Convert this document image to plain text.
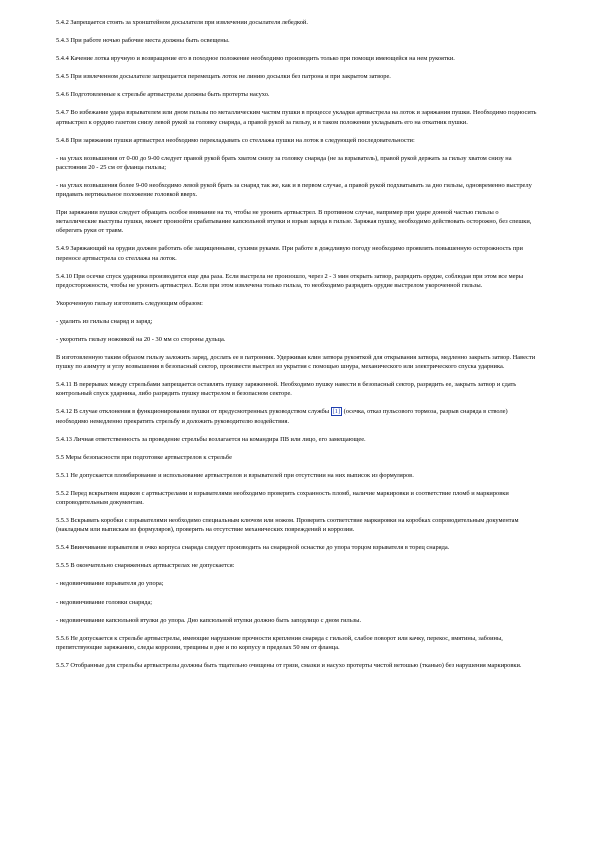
5.4.2 Запрещается стоять за хронштейном досылателя при извлечении досылателя лебедкой.

5.4.3 При работе ночью рабочие места должны быть освещены.

5.4.4 Качение лотка вручную и возвращение его в походное положение необходимо производить только при помощи имеющейся на нем рукоятки.

5.4.5 При извлеченном досылателе запрещается перемещать лоток не линию досылки без патрона и при закрытом затворе.

5.4.6 Подготовленные к стрельбе артвыстрелы должны быть протерты насухо.

5.4.7 Во избежание удара взрывателем или дном гильзы по металлическим частям пушки в процессе укладки артвыстрела на лоток и заряжания пушки. Необходимо подносить артвыстрел к орудию газетом снизу левой рукой за головку снаряда, а правой рукой за гильзу, и в таком положении укладывать его на откатник пушки.

5.4.8 При заряжании пушки артвыстрел необходимо перекладывать со стеллажа пушки на лоток в следующей последовательности:

- на углах возвышения от 0-00 до 9-00 следует правой рукой брать хватом снизу за головку снаряда (не за взрыватель), правой рукой держать за гильзу хватом снизу на расстоянии 20 - 25 см от фланца гильзы;

- на углах возвышения более 9-00 необходимо левой рукой брать за снаряд так же, как и в первом случае, а правой рукой подхватывать за дно гильзы, одновременно выстрелу придавать вертикальное положение головкой вверх.

При заряжании пушки следует обращать особое внимание на то, чтобы не уронить артвыстрел. В противном случае, например при ударе донной частью гильзы о металлические выступы пушки, может произойти срабатывание капсюльной втулки и взрыв заряда в гильзе. Заряжая пушку, необходимо действовать осторожно, без спешки, оберегать руки от травм.

5.4.9 Заряжающий на орудии должен работать обе защищенными, сухими руками. При работе в дождливую погоду необходимо проявлять повышенную осторожность при переносе артвыстрела со стеллажа на лоток.

5.4.10 При осечке спуск ударника производится еще два раза. Если выстрела не произошло, через 2 - 3 мин открыть затвор, разрядить орудие, соблюдая при этом все меры предосторожности, чтобы не уронить артвыстрел. Если при этом извлечена только гильза, то необходимо разрядить орудие выстрелом укороченной гильзы.

Укороченную гильзу изготовить следующим образом:

- удалить из гильзы снаряд и заряд;

- укоротить гильзу ножовкой на 20 - 30 мм со стороны дульца.

В изготовленную таким образом гильзу заложить заряд, дослать ее в патронник. Удерживая клин затвора рукояткой для открывания затвора, медленно закрыть затвор. Навести пушку по азимуту и углу возвышения в безопасный сектор, произвести выстрел из укрытия с помощью шнура, механического или электрического спуска ударника.

5.4.11 В перерывах между стрельбами запрещается оставлять пушку заряженной. Необходимо пушку навести в безопасный сектор, разрядить ее, закрыть затвор и сдать контрольный спуск ударника, либо разрядить пушку выстрелом в безопасном секторе.

5.4.12 В случае отклонения в функционировании пушки от предусмотренных руководством службы [1] (осечка, отказ пульсового тормоза, разрыв снаряда в стволе) необходимо немедленно прекратить стрельбу и доложить руководителю воздействия.

5.4.13 Личная ответственность за проведение стрельбы возлагается на командира ПВ или лицо, его замещающее.

5.5 Меры безопасности при подготовке артвыстрелов к стрельбе

5.5.1 Не допускается пломбирование и использование артвыстрелов и взрывателей при отсутствии на них выписок из формуляров.

5.5.2 Перед вскрытием ящиков с артвыстрелами и взрывателями необходимо проверить сохранность пломб, наличие маркировки и соответствие пломб и маркировки сопроводительным документам.

5.5.3 Вскрывать коробки с взрывателями необходимо специальным ключом или ножом. Проверить соответствие маркировки на коробках сопроводительным документам (накладным или выпискам из формуляров), проверить на отсутствие механических повреждений и коррозии.

5.5.4 Ввинчивание взрывателя в очко корпуса снаряда следует производить на снарядной оснастке до упора торцом взрывателя в торец снаряда.

5.5.5 В окончательно снаряженных артвыстрелах не допускается:

- недовинчивание взрывателя до упора;

- недовинчивание головки снаряда;

- недовинчивание капсюльной втулки до упора. Дно капсюльной втулки должно быть заподлицо с дном гильзы.

5.5.6 Не допускается к стрельбе артвыстрелы, имеющие нарушение прочности крепления снаряда с гильзой, слабое поворот или качку, перекос, вмятины, забоины, препятствующие заряжанию, следы коррозии, трещины в дне и по корпусу в пределах 50 мм от фланца.

5.5.7 Отобранные для стрельбы артвыстрелы должны быть тщательно очищены от грязи, смазки и насухо протерты чистой ветошью (тканью) без нарушения маркировки.
